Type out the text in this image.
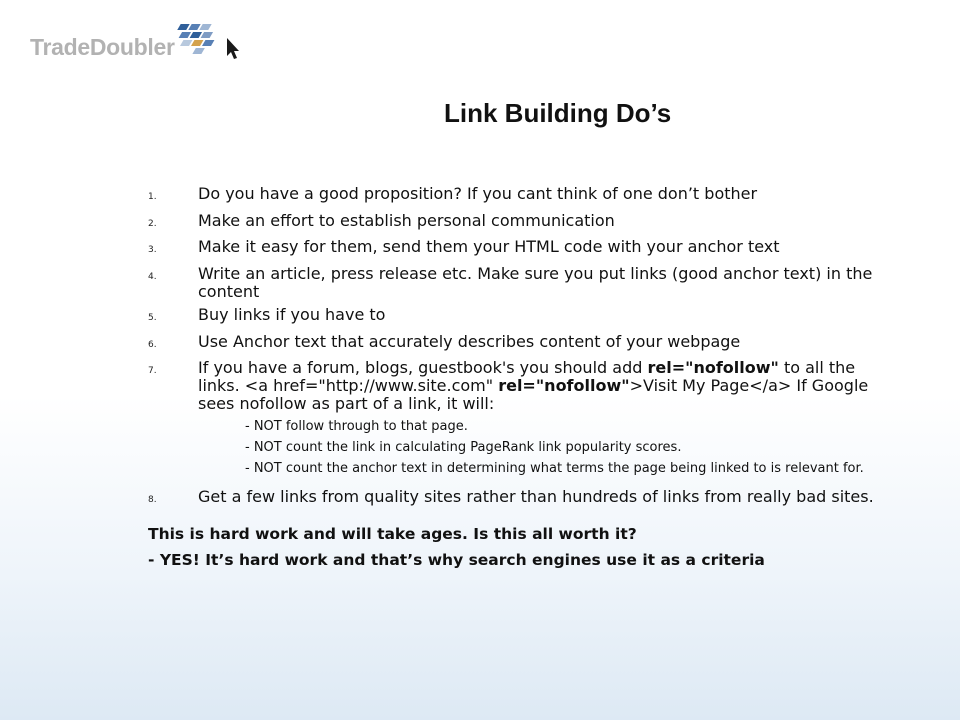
TradeDoubler
Link Building Do’s
1.	Do you have a good proposition? If you cant think of one don’t bother
2.	Make an effort to establish personal communication
3.	Make it easy for them, send them your HTML code with your anchor text
4.	Write an article, press release etc. Make sure you put links (good anchor text) in the content
5.	Buy links if you have to
6.	Use Anchor text that accurately describes content of your webpage
7.	If you have a forum, blogs, guestbook's you should add rel="nofollow" to all the links. <a href="http://www.site.com" rel="nofollow">Visit My Page</a> If Google sees nofollow as part of a link, it will:
- NOT follow through to that page.
- NOT count the link in calculating PageRank link popularity scores.
- NOT count the anchor text in determining what terms the page being linked to is relevant for.
8.	Get a few links from quality sites rather than hundreds of links from really bad sites.
This is hard work and will take ages. Is this all worth it?
- YES! It’s hard work and that’s why search engines use it as a criteria
